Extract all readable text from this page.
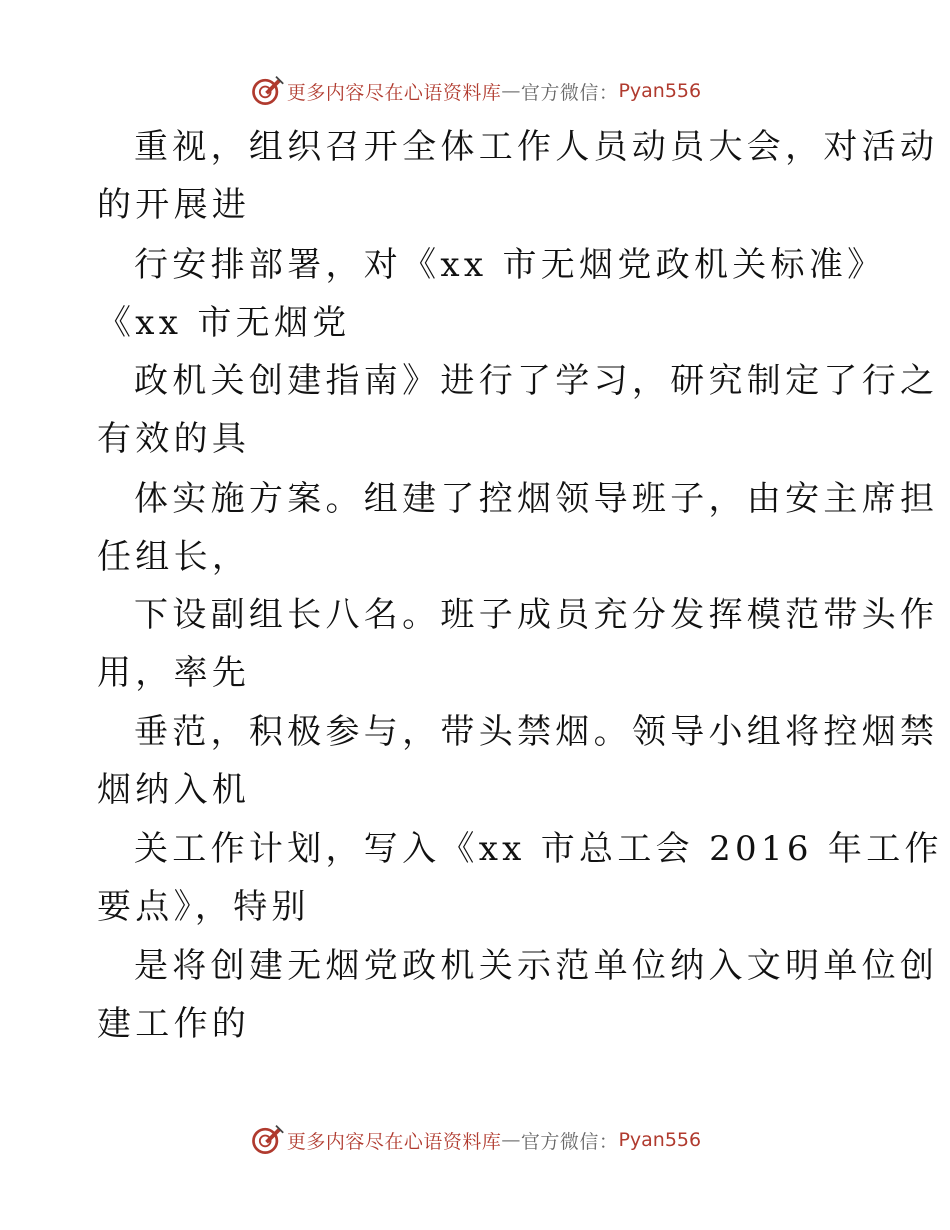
更多内容尽在心语资料库 — 官方微信： Pyan556
重视，组织召开全体工作人员动员大会，对活动
的开展进
行安排部署，对《xx 市无烟党政机关标准》
《xx 市无烟党
政机关创建指南》进行了学习，研究制定了行之
有效的具
体实施方案。组建了控烟领导班子，由安主席担
任组长，
下设副组长八名。班子成员充分发挥模范带头作
用，率先
垂范，积极参与，带头禁烟。领导小组将控烟禁
烟纳入机
关工作计划，写入《xx 市总工会 2016 年工作
要点》，特别
是将创建无烟党政机关示范单位纳入文明单位创
建工作的
更多内容尽在心语资料库 — 官方微信： Pyan556
